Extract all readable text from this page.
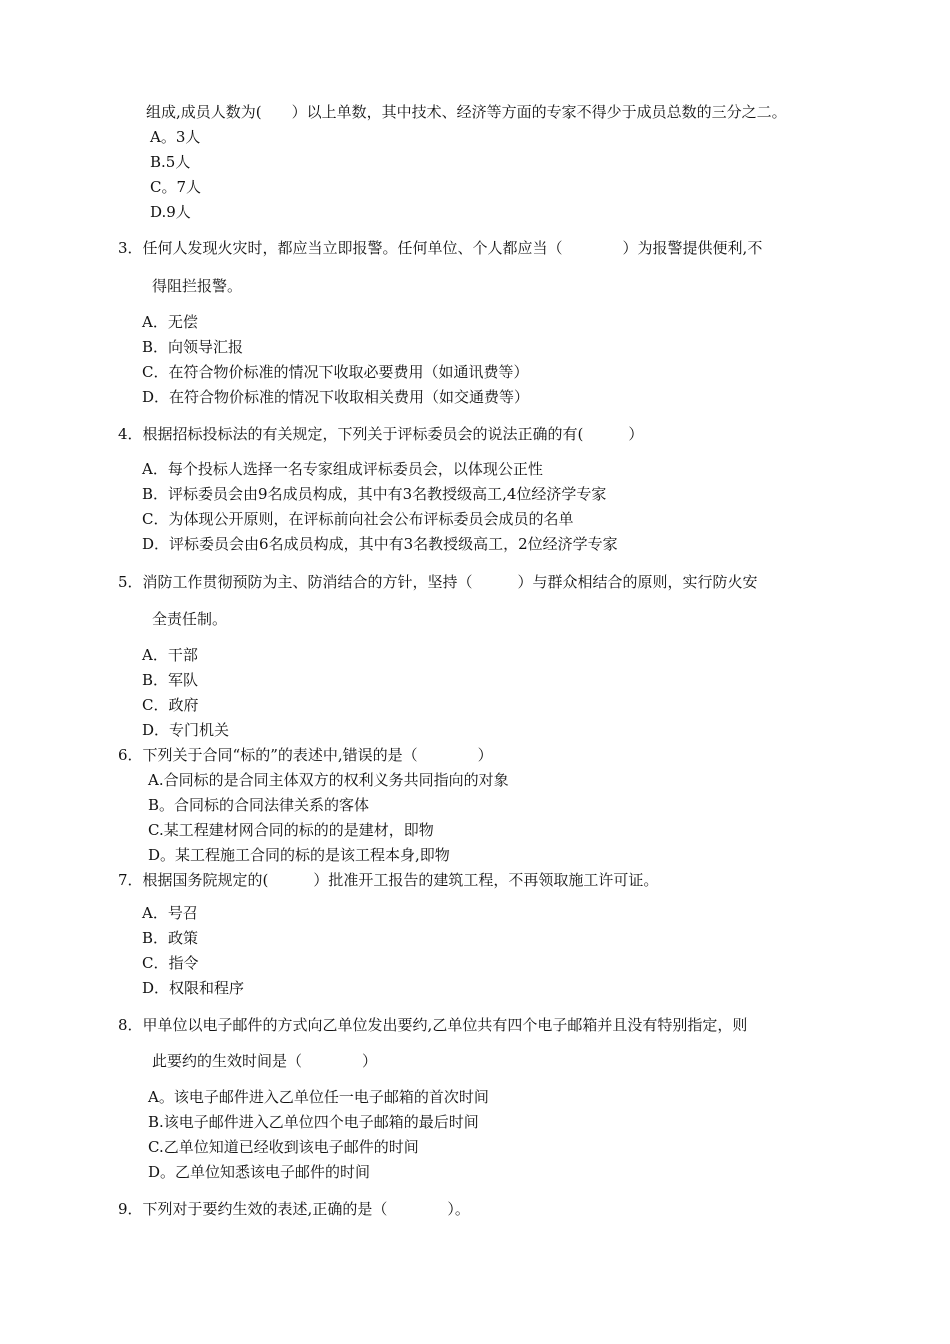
组成,成员人数为(　　）以上单数，其中技术、经济等方面的专家不得少于成员总数的三分之二。
A。3人
B.5人
C。7人
D.9人
3．任何人发现火灾时，都应当立即报警。任何单位、个人都应当（　　　　）为报警提供便利,不
得阻拦报警。
A．无偿
B．向领导汇报
C．在符合物价标准的情况下收取必要费用（如通讯费等）
D．在符合物价标准的情况下收取相关费用（如交通费等）
4．根据招标投标法的有关规定，下列关于评标委员会的说法正确的有(　　　）
A．每个投标人选择一名专家组成评标委员会，以体现公正性
B．评标委员会由9名成员构成，其中有3名教授级高工,4位经济学专家
C．为体现公开原则，在评标前向社会公布评标委员会成员的名单
D．评标委员会由6名成员构成，其中有3名教授级高工，2位经济学专家
5．消防工作贯彻预防为主、防消结合的方针，坚持（　　　）与群众相结合的原则，实行防火安
全责任制。
A．干部
B．军队
C．政府
D．专门机关
6．下列关于合同“标的”的表述中,错误的是（　　　　）
A.合同标的是合同主体双方的权利义务共同指向的对象
B。合同标的合同法律关系的客体
C.某工程建材网合同的标的的是建材，即物
D。某工程施工合同的标的是该工程本身,即物
7．根据国务院规定的(　　　）批准开工报告的建筑工程，不再领取施工许可证。
A．号召
B．政策
C．指令
D．权限和程序
8．甲单位以电子邮件的方式向乙单位发出要约,乙单位共有四个电子邮箱并且没有特别指定，则
此要约的生效时间是（　　　　）
A。该电子邮件进入乙单位任一电子邮箱的首次时间
B.该电子邮件进入乙单位四个电子邮箱的最后时间
C.乙单位知道已经收到该电子邮件的时间
D。乙单位知悉该电子邮件的时间
9．下列对于要约生效的表述,正确的是（　　　　）。
